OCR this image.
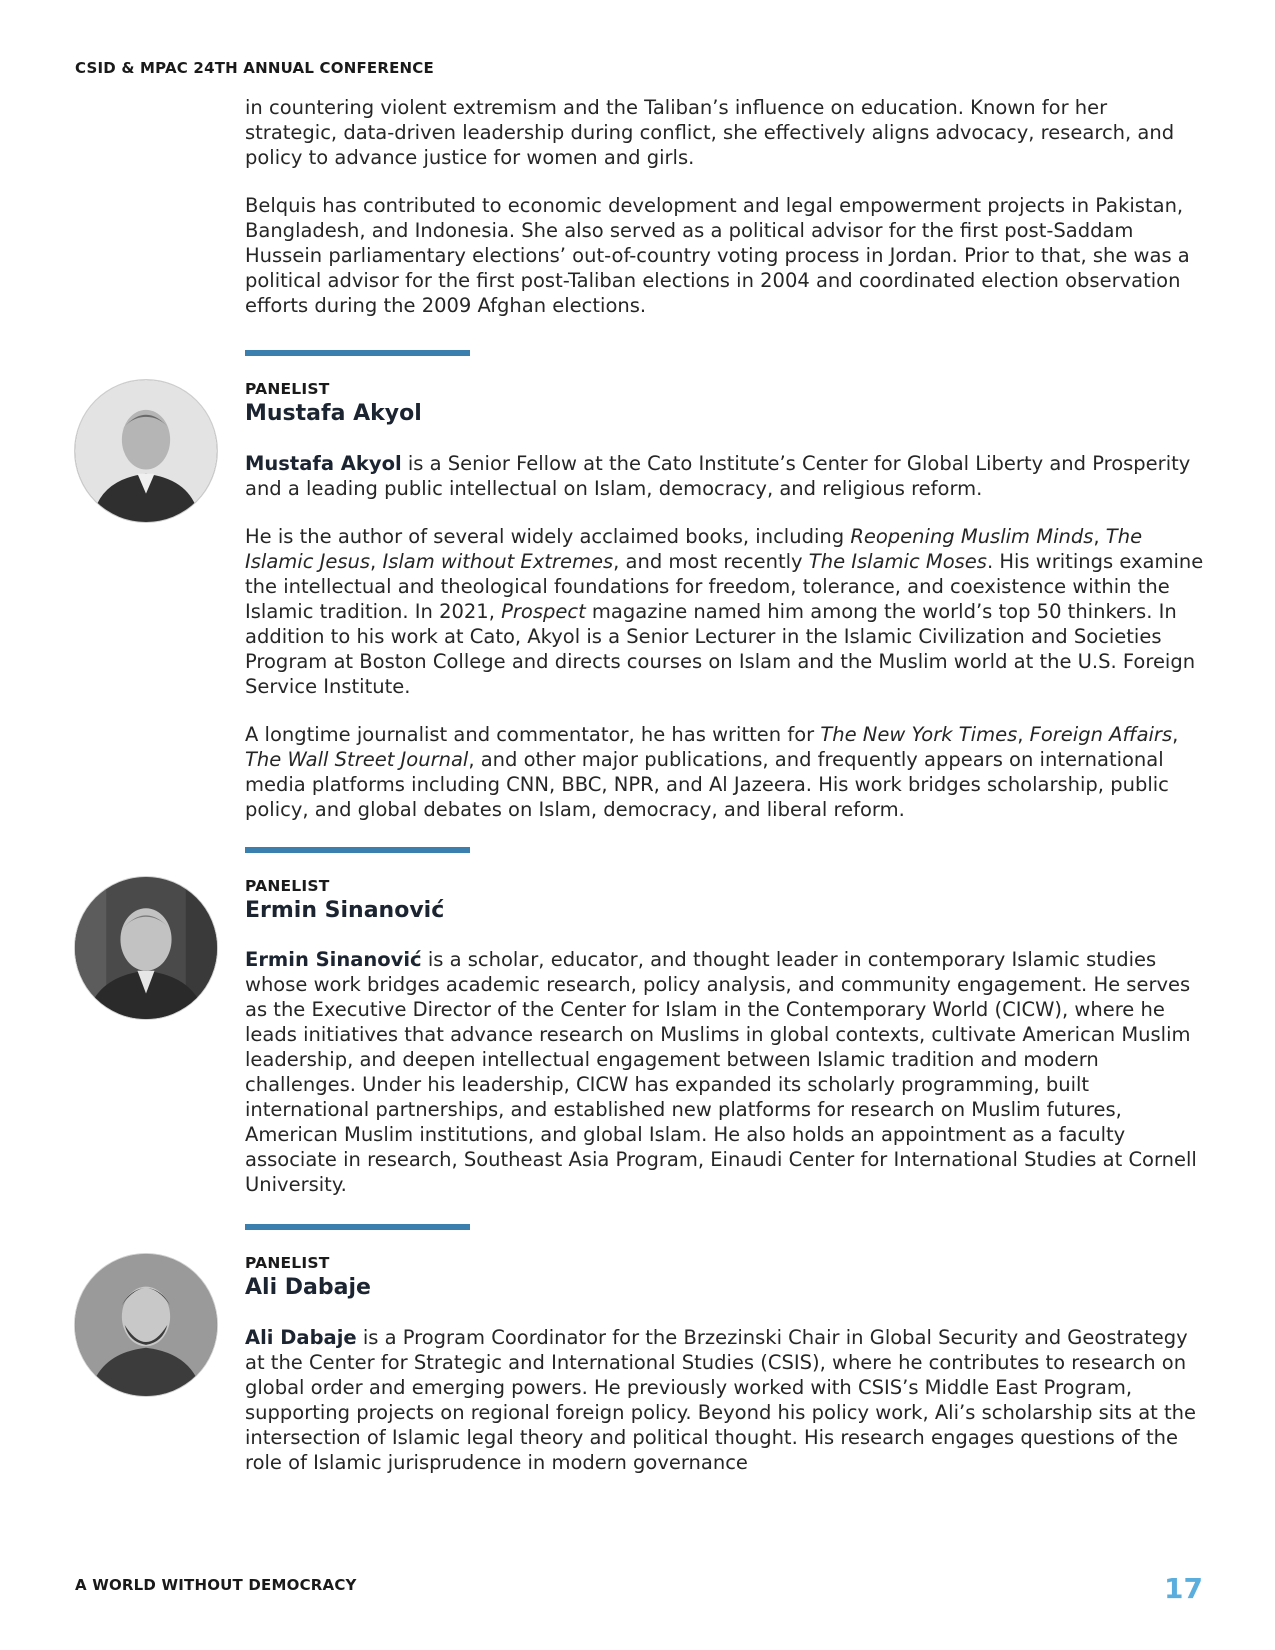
CSID & MPAC 24TH ANNUAL CONFERENCE

in countering violent extremism and the Taliban’s influence on education. Known for her strategic, data-driven leadership during conflict, she effectively aligns advocacy, research, and policy to advance justice for women and girls.

Belquis has contributed to economic development and legal empowerment projects in Pakistan, Bangladesh, and Indonesia. She also served as a political advisor for the first post-Saddam Hussein parliamentary elections’ out-of-country voting process in Jordan. Prior to that, she was a political advisor for the first post-Taliban elections in 2004 and coordinated election observation efforts during the 2009 Afghan elections.

PANELIST
Mustafa Akyol

Mustafa Akyol is a Senior Fellow at the Cato Institute’s Center for Global Liberty and Prosperity and a leading public intellectual on Islam, democracy, and religious reform.

He is the author of several widely acclaimed books, including Reopening Muslim Minds, The Islamic Jesus, Islam without Extremes, and most recently The Islamic Moses. His writings examine the intellectual and theological foundations for freedom, tolerance, and coexistence within the Islamic tradition. In 2021, Prospect magazine named him among the world’s top 50 thinkers. In addition to his work at Cato, Akyol is a Senior Lecturer in the Islamic Civilization and Societies Program at Boston College and directs courses on Islam and the Muslim world at the U.S. Foreign Service Institute.

A longtime journalist and commentator, he has written for The New York Times, Foreign Affairs, The Wall Street Journal, and other major publications, and frequently appears on international media platforms including CNN, BBC, NPR, and Al Jazeera. His work bridges scholarship, public policy, and global debates on Islam, democracy, and liberal reform.

PANELIST
Ermin Sinanović

Ermin Sinanović is a scholar, educator, and thought leader in contemporary Islamic studies whose work bridges academic research, policy analysis, and community engagement. He serves as the Executive Director of the Center for Islam in the Contemporary World (CICW), where he leads initiatives that advance research on Muslims in global contexts, cultivate American Muslim leadership, and deepen intellectual engagement between Islamic tradition and modern challenges. Under his leadership, CICW has expanded its scholarly programming, built international partnerships, and established new platforms for research on Muslim futures, American Muslim institutions, and global Islam. He also holds an appointment as a faculty associate in research, Southeast Asia Program, Einaudi Center for International Studies at Cornell University.

PANELIST
Ali Dabaje

Ali Dabaje is a Program Coordinator for the Brzezinski Chair in Global Security and Geostrategy at the Center for Strategic and International Studies (CSIS), where he contributes to research on global order and emerging powers. He previously worked with CSIS’s Middle East Program, supporting projects on regional foreign policy. Beyond his policy work, Ali’s scholarship sits at the intersection of Islamic legal theory and political thought. His research engages questions of the role of Islamic jurisprudence in modern governance

A WORLD WITHOUT DEMOCRACY	17
